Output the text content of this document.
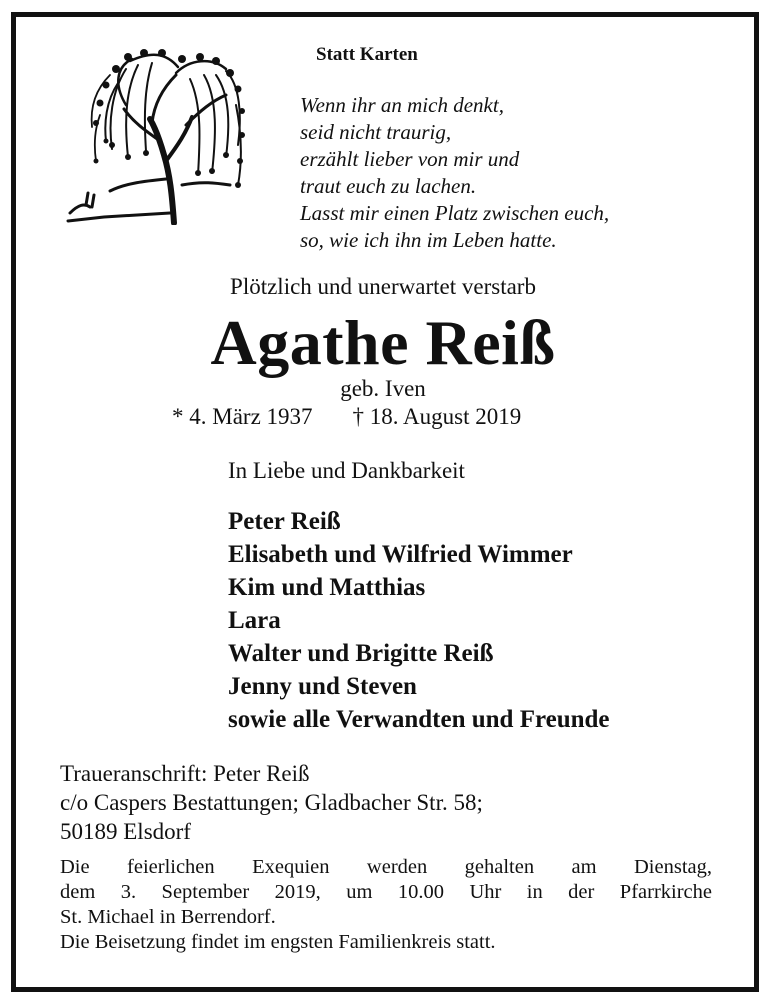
Statt Karten
Wenn ihr an mich denkt,
seid nicht traurig,
erzählt lieber von mir und
traut euch zu lachen.
Lasst mir einen Platz zwischen euch,
so, wie ich ihn im Leben hatte.
Plötzlich und unerwartet verstarb
Agathe Reiß
geb. Iven
* 4. März 1937 † 18. August 2019
In Liebe und Dankbarkeit
Peter Reiß
Elisabeth und Wilfried Wimmer
Kim und Matthias
Lara
Walter und Brigitte Reiß
Jenny und Steven
sowie alle Verwandten und Freunde
Traueranschrift: Peter Reiß
c/o Caspers Bestattungen; Gladbacher Str. 58;
50189 Elsdorf
Die feierlichen Exequien werden gehalten am Dienstag,
dem 3. September 2019, um 10.00 Uhr in der Pfarrkirche
St. Michael in Berrendorf.
Die Beisetzung findet im engsten Familienkreis statt.
